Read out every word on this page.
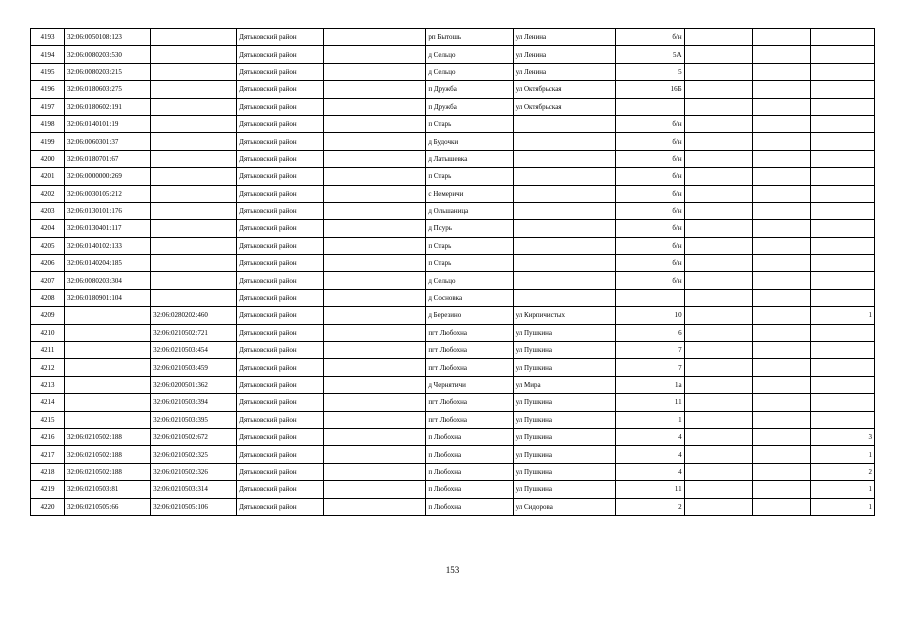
4193	32:06:0050108:123		Дятьковский район		рп Бытошь	ул Ленина	б/н			
4194	32:06:0080203:530		Дятьковский район		д Сельцо	ул Ленина	5А			
4195	32:06:0080203:215		Дятьковский район		д Сельцо	ул Ленина	5			
4196	32:06:0180603:275		Дятьковский район		п Дружба	ул Октябрьская	16Б			
4197	32:06:0180602:191		Дятьковский район		п Дружба	ул Октябрьская				
4198	32:06:0140101:19		Дятьковский район		п Старь		б/н			
4199	32:06:0060301:37		Дятьковский район		д Будочки		б/н			
4200	32:06:0180701:67		Дятьковский район		д Латышевка		б/н			
4201	32:06:0000000:269		Дятьковский район		п Старь		б/н			
4202	32:06:0030105:212		Дятьковский район		с Немеричи		б/н			
4203	32:06:0130101:176		Дятьковский район		д Ольшаница		б/н			
4204	32:06:0130401:117		Дятьковский район		д Псурь		б/н			
4205	32:06:0140102:133		Дятьковский район		п Старь		б/н			
4206	32:06:0140204:185		Дятьковский район		п Старь		б/н			
4207	32:06:0080203:304		Дятьковский район		д Сельцо		б/н			
4208	32:06:0180901:104		Дятьковский район		д Сосновка					
4209		32:06:0280202:460	Дятьковский район		д Березино	ул Кирпичистых	10			1
4210		32:06:0210502:721	Дятьковский район		пгт Любохна	ул Пушкина	6			
4211		32:06:0210503:454	Дятьковский район		пгт Любохна	ул Пушкина	7			
4212		32:06:0210503:459	Дятьковский район		пгт Любохна	ул Пушкина	7			
4213		32:06:0200501:362	Дятьковский район		д Чернятичи	ул Мира	1а			
4214		32:06:0210503:394	Дятьковский район		пгт Любохна	ул Пушкина	11			
4215		32:06:0210503:395	Дятьковский район		пгт Любохна	ул Пушкина	1			
4216	32:06:0210502:188	32:06:0210502:672	Дятьковский район		п Любохна	ул Пушкина	4			3
4217	32:06:0210502:188	32:06:0210502:325	Дятьковский район		п Любохна	ул Пушкина	4			1
4218	32:06:0210502:188	32:06:0210502:326	Дятьковский район		п Любохна	ул Пушкина	4			2
4219	32:06:0210503:81	32:06:0210503:314	Дятьковский район		п Любохна	ул Пушкина	11			1
4220	32:06:0210505:66	32:06:0210505:106	Дятьковский район		п Любохна	ул Сидорова	2			1
153
